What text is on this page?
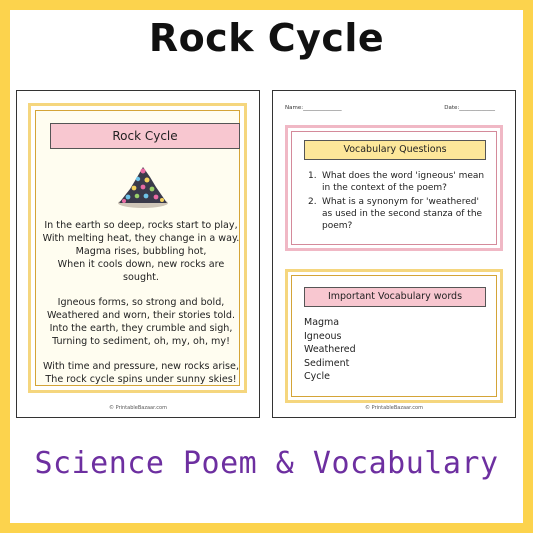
Rock Cycle
Rock Cycle

In the earth so deep, rocks start to play,
With melting heat, they change in a way.
Magma rises, bubbling hot,
When it cools down, new rocks are
sought.

Igneous forms, so strong and bold,
Weathered and worn, their stories told.
Into the earth, they crumble and sigh,
Turning to sediment, oh, my, oh, my!

With time and pressure, new rocks arise,
The rock cycle spins under sunny skies!

© PrintableBazaar.com
Name:______________	Date:_____________
Vocabulary Questions
1. What does the word 'igneous' mean in the context of the poem?
2. What is a synonym for 'weathered' as used in the second stanza of the poem?
Important Vocabulary words
Magma
Igneous
Weathered
Sediment
Cycle
© PrintableBazaar.com
Science Poem & Vocabulary
